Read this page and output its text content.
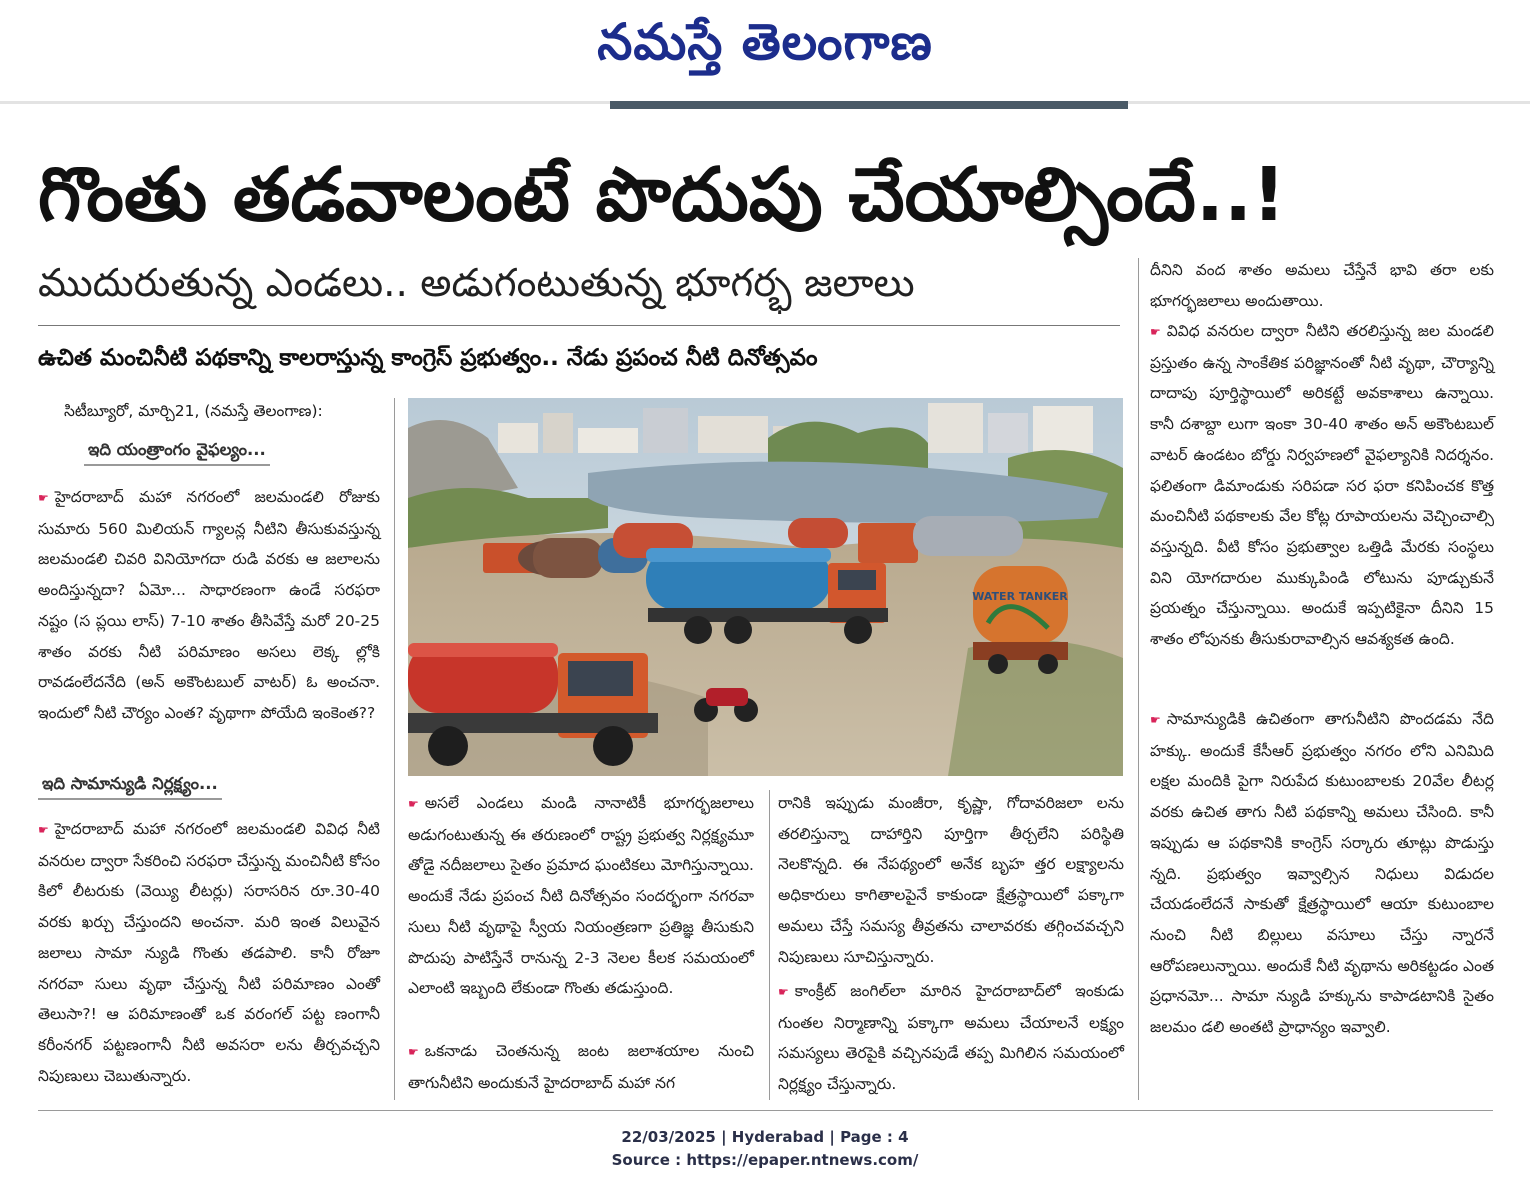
నమస్తే తెలంగాణ
గొంతు తడవాలంటే పొదుపు చేయాల్సిందే..!
ముదురుతున్న ఎండలు.. అడుగంటుతున్న భూగర్భ జలాలు
ఉచిత మంచినీటి పథకాన్ని కాలరాస్తున్న కాంగ్రెస్ ప్రభుత్వం.. నేడు ప్రపంచ నీటి దినోత్సవం
సిటీబ్యూరో, మార్చి21, (నమస్తే తెలంగాణ):
ఇది యంత్రాంగం వైఫల్యం...
☛ హైదరాబాద్ మహా నగరంలో జలమండలి రోజుకు సుమారు 560 మిలియన్ గ్యాలన్ల నీటిని తీసుకువస్తున్న జలమండలి చివరి వినియోగదా రుడి వరకు ఆ జలాలను అందిస్తున్నదా? ఏమో... సాధారణంగా ఉండే సరఫరా నష్టం (స ప్లయి లాస్) 7-10 శాతం తీసివేస్తే మరో 20-25 శాతం వరకు నీటి పరిమాణం అసలు లెక్క ల్లోకి రావడంలేదనేది (అన్ అకౌంటబుల్ వాటర్) ఓ అంచనా. ఇందులో నీటి చౌర్యం ఎంత? వృథాగా పోయేది ఇంకెంత??
ఇది సామాన్యుడి నిర్లక్ష్యం...
☛ హైదరాబాద్ మహా నగరంలో జలమండలి వివిధ నీటి వనరుల ద్వారా సేకరించి సరఫరా చేస్తున్న మంచినీటి కోసం కిలో లీటరుకు (వెయ్యి లీటర్లు) సరాసరిన రూ.30-40 వరకు ఖర్చు చేస్తుందని అంచనా. మరి ఇంత విలువైన జలాలు సామా న్యుడి గొంతు తడపాలి. కానీ రోజూ నగరవా సులు వృథా చేస్తున్న నీటి పరిమాణం ఎంతో తెలుసా?! ఆ పరిమాణంతో ఒక వరంగల్ పట్ట ణంగానీ కరీంనగర్ పట్టణంగానీ నీటి అవసరా లను తీర్చవచ్చని నిపుణులు చెబుతున్నారు.
WATER TANKER
☛ అసలే ఎండలు మండి నానాటికీ భూగర్భజలాలు అడుగంటుతున్న ఈ తరుణంలో రాష్ట్ర ప్రభుత్వ నిర్లక్ష్యమూ తోడై నదీజలాలు సైతం ప్రమాద ఘంటికలు మోగిస్తున్నాయి. అందుకే నేడు ప్రపంచ నీటి దినోత్సవం సందర్భంగా నగరవా సులు నీటి వృథాపై స్వీయ నియంత్రణగా ప్రతిజ్ఞ తీసుకుని పొదుపు పాటిస్తేనే రానున్న 2-3 నెలల కీలక సమయంలో ఎలాంటి ఇబ్బంది లేకుండా గొంతు తడుస్తుంది.
☛ ఒకనాడు చెంతనున్న జంట జలాశయాల నుంచి తాగునీటిని అందుకునే హైదరాబాద్ మహా నగ
రానికి ఇప్పుడు మంజీరా, కృష్ణా, గోదావరిజలా లను తరలిస్తున్నా దాహార్తిని పూర్తిగా తీర్చలేని పరిస్థితి నెలకొన్నది. ఈ నేపథ్యంలో అనేక బృహ త్తర లక్ష్యాలను అధికారులు కాగితాలపైనే కాకుండా క్షేత్రస్థాయిలో పక్కాగా అమలు చేస్తే సమస్య తీవ్రతను చాలావరకు తగ్గించవచ్చని నిపుణులు సూచిస్తున్నారు.
☛ కాంక్రీట్ జంగిల్‌లా మారిన హైదరాబాద్‌లో ఇంకుడు గుంతల నిర్మాణాన్ని పక్కాగా అమలు చేయాలనే లక్ష్యం సమస్యలు తెరపైకి వచ్చినపుడే తప్ప మిగిలిన సమయంలో నిర్లక్ష్యం చేస్తున్నారు.
దీనిని వంద శాతం అమలు చేస్తేనే భావి తరా లకు భూగర్భజలాలు అందుతాయి.
☛ వివిధ వనరుల ద్వారా నీటిని తరలిస్తున్న జల మండలి ప్రస్తుతం ఉన్న సాంకేతిక పరిజ్ఞానంతో నీటి వృథా, చౌర్యాన్ని దాదాపు పూర్తిస్థాయిలో అరికట్టే అవకాశాలు ఉన్నాయి. కానీ దశాబ్దా లుగా ఇంకా 30-40 శాతం అన్ అకౌంటబుల్ వాటర్ ఉండటం బోర్డు నిర్వహణలో వైఫల్యానికి నిదర్శనం. ఫలితంగా డిమాండుకు సరిపడా సర ఫరా కనిపించక కొత్త మంచినీటి పథకాలకు వేల కోట్ల రూపాయలను వెచ్చించాల్సి వస్తున్నది. వీటి కోసం ప్రభుత్వాల ఒత్తిడి మేరకు సంస్థలు విని యోగదారుల ముక్కుపిండి లోటును పూడ్చుకునే ప్రయత్నం చేస్తున్నాయి. అందుకే ఇప్పటికైనా దీనిని 15 శాతం లోపునకు తీసుకురావాల్సిన ఆవశ్యకత ఉంది.
☛ సామాన్యుడికి ఉచితంగా తాగునీటిని పొందడమ నేది హక్కు. అందుకే కేసీఆర్ ప్రభుత్వం నగరం లోని ఎనిమిది లక్షల మందికి పైగా నిరుపేద కుటుంబాలకు 20వేల లీటర్ల వరకు ఉచిత తాగు నీటి పథకాన్ని అమలు చేసింది. కానీ ఇప్పుడు ఆ పథకానికి కాంగ్రెస్ సర్కారు తూట్లు పొడుస్తు న్నది. ప్రభుత్వం ఇవ్వాల్సిన నిధులు విడుదల చేయడంలేదనే సాకుతో క్షేత్రస్థాయిలో ఆయా కుటుంబాల నుంచి నీటి బిల్లులు వసూలు చేస్తు న్నారనే ఆరోపణలున్నాయి. అందుకే నీటి వృథాను అరికట్టడం ఎంత ప్రధానమో... సామా న్యుడి హక్కును కాపాడటానికి సైతం జలమం డలి అంతటి ప్రాధాన్యం ఇవ్వాలి.
22/03/2025 | Hyderabad | Page : 4
Source : https://epaper.ntnews.com/
